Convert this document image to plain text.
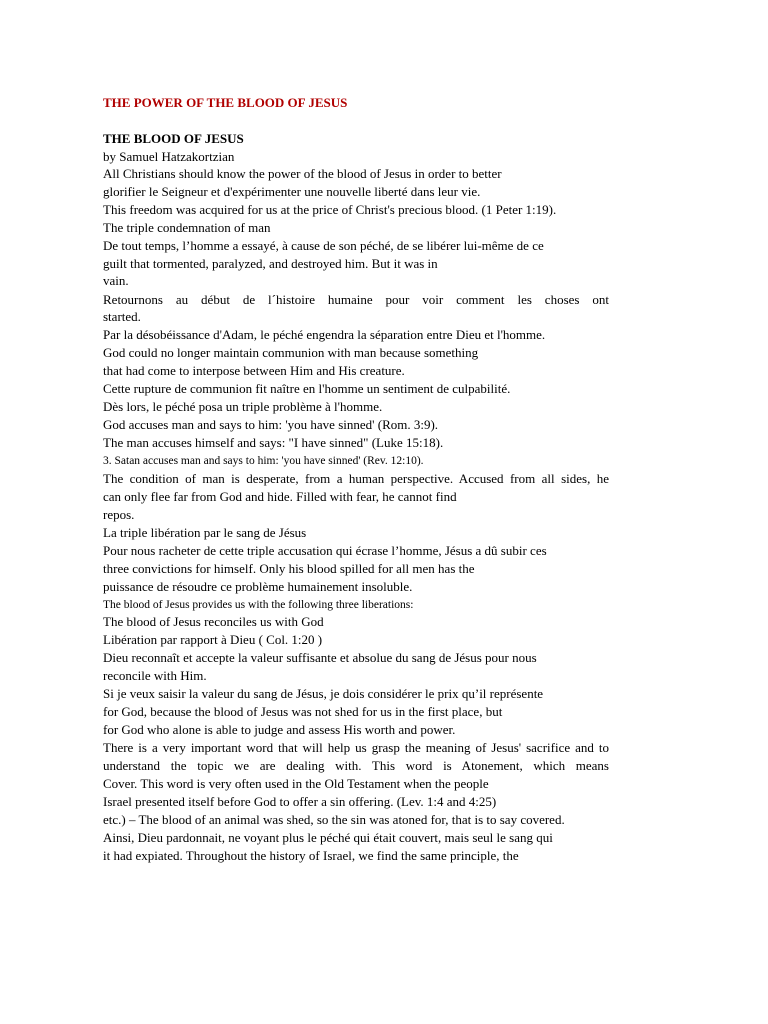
THE POWER OF THE BLOOD OF JESUS
THE BLOOD OF JESUS
by Samuel Hatzakortzian
All Christians should know the power of the blood of Jesus in order to better
glorifier le Seigneur et d'expérimenter une nouvelle liberté dans leur vie.
This freedom was acquired for us at the price of Christ's precious blood. (1 Peter 1:19).
The triple condemnation of man
De tout temps, l’homme a essayé, à cause de son péché, de se libérer lui-même de ce
guilt that tormented, paralyzed, and destroyed him. But it was in
vain.
Retournons au début de l´histoire humaine pour voir comment les choses ont
started.
Par la désobéissance d'Adam, le péché engendra la séparation entre Dieu et l'homme.
God could no longer maintain communion with man because something
that had come to interpose between Him and His creature.
Cette rupture de communion fit naître en l'homme un sentiment de culpabilité.
Dès lors, le péché posa un triple problème à l'homme.
God accuses man and says to him: 'you have sinned' (Rom. 3:9).
The man accuses himself and says: "I have sinned" (Luke 15:18).
3. Satan accuses man and says to him: 'you have sinned' (Rev. 12:10).
The condition of man is desperate, from a human perspective. Accused from all sides, he
can only flee far from God and hide. Filled with fear, he cannot find
repos.
La triple libération par le sang de Jésus
Pour nous racheter de cette triple accusation qui écrase l’homme, Jésus a dû subir ces
three convictions for himself. Only his blood spilled for all men has the
puissance de résoudre ce problème humainement insoluble.
The blood of Jesus provides us with the following three liberations:
The blood of Jesus reconciles us with God
Libération par rapport à Dieu ( Col. 1:20 )
Dieu reconnaît et accepte la valeur suffisante et absolue du sang de Jésus pour nous
reconcile with Him.
Si je veux saisir la valeur du sang de Jésus, je dois considérer le prix qu’il représente
for God, because the blood of Jesus was not shed for us in the first place, but
for God who alone is able to judge and assess His worth and power.
There is a very important word that will help us grasp the meaning of Jesus' sacrifice and to
understand the topic we are dealing with. This word is Atonement, which means
Cover. This word is very often used in the Old Testament when the people
Israel presented itself before God to offer a sin offering. (Lev. 1:4 and 4:25)
etc.) – The blood of an animal was shed, so the sin was atoned for, that is to say covered.
Ainsi, Dieu pardonnait, ne voyant plus le péché qui était couvert, mais seul le sang qui
it had expiated. Throughout the history of Israel, we find the same principle, the
